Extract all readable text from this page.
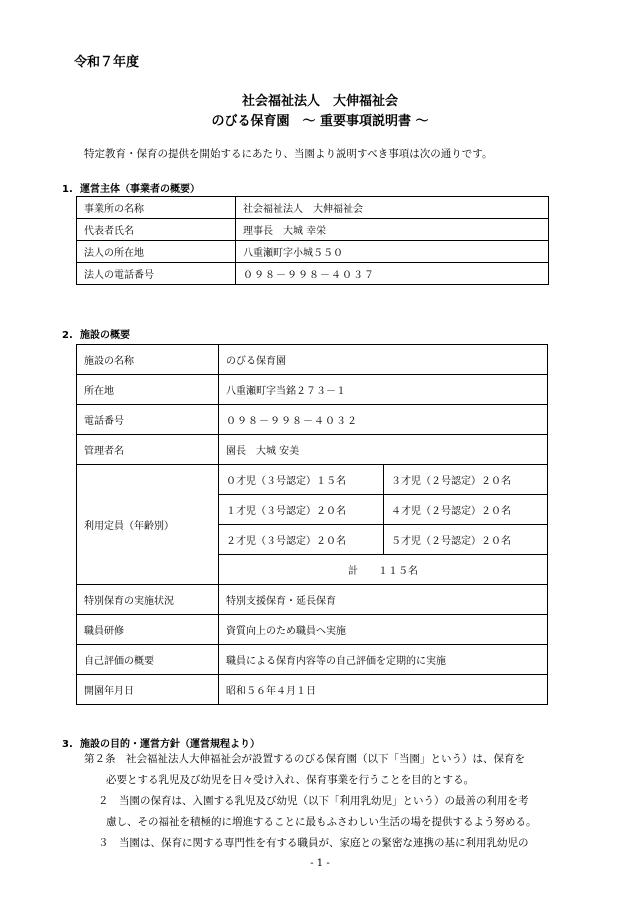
令和７年度
社会福祉法人　大伸福祉会
のびる保育園　～ 重要事項説明書 ～
特定教育・保育の提供を開始するにあたり、当園より説明すべき事項は次の通りです。
1. 運営主体（事業者の概要）
事業所の名称	社会福祉法人　大伸福祉会
代表者氏名	理事長　大城 幸栄
法人の所在地	八重瀬町字小城５５０
法人の電話番号	０９８－９９８－４０３７
2. 施設の概要
施設の名称	のびる保育園	
所在地	八重瀬町字当銘２７３－１	
電話番号	０９８－９９８－４０３２	
管理者名	園長　大城 安美	
利用定員（年齢別）	０才児（３号認定）１５名	３才児（２号認定）２０名
	１才児（３号認定）２０名	４才児（２号認定）２０名
	２才児（３号認定）２０名	５才児（２号認定）２０名
	計　　１１５名	
特別保育の実施状況	特別支援保育・延長保育	
職員研修	資質向上のため職員へ実施	
自己評価の概要	職員による保育内容等の自己評価を定期的に実施	
開園年月日	昭和５６年４月１日	
3. 施設の目的・運営方針（運営規程より）
第２条　社会福祉法人大伸福祉会が設置するのびる保育園（以下「当園」という）は、保育を
必要とする乳児及び幼児を日々受け入れ、保育事業を行うことを目的とする。
２　当園の保育は、入園する乳児及び幼児（以下「利用乳幼児」という）の最善の利用を考
慮し、その福祉を積極的に増進することに最もふさわしい生活の場を提供するよう努める。
３　当園は、保育に関する専門性を有する職員が、家庭との緊密な連携の基に利用乳幼児の
- 1 -
